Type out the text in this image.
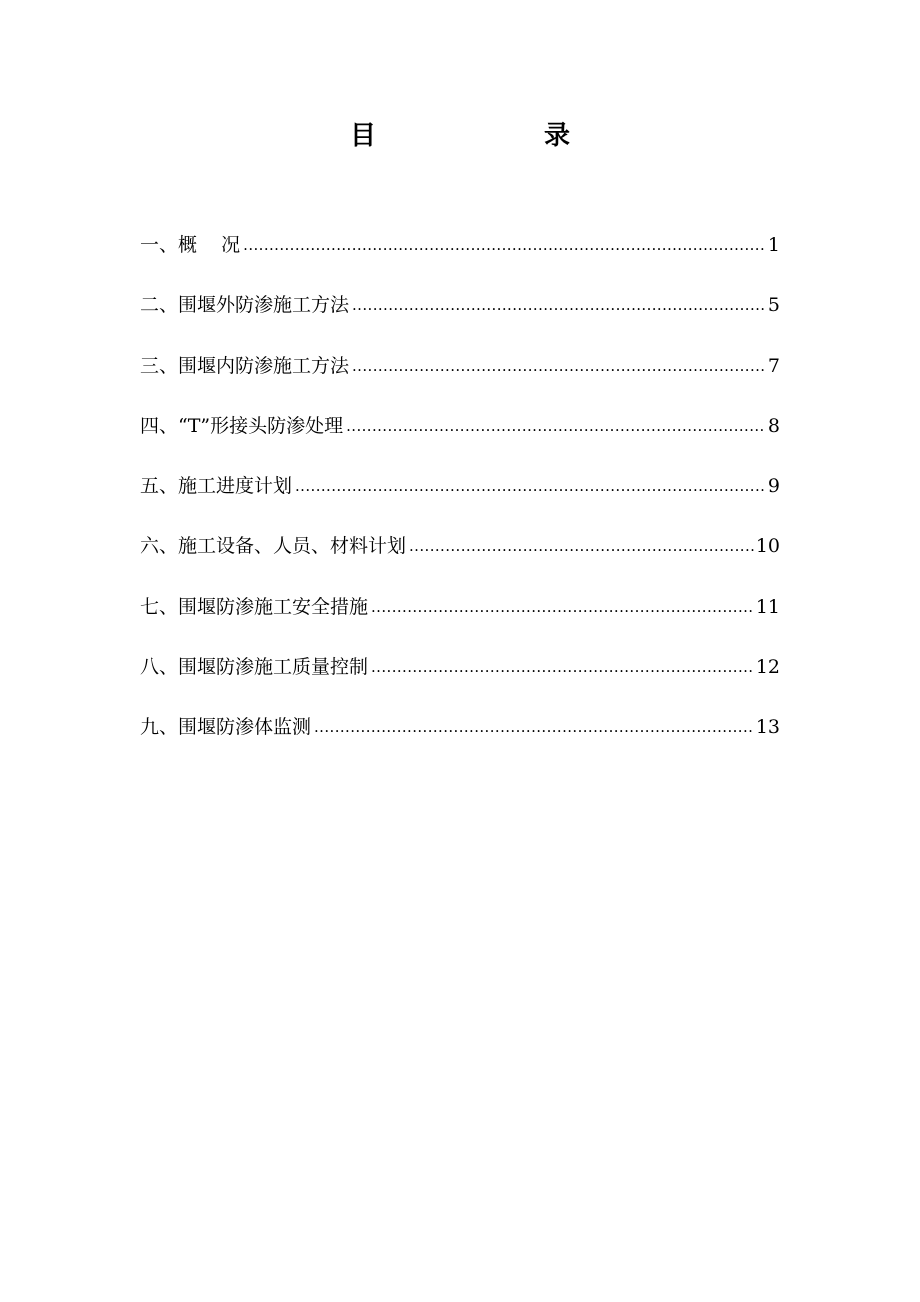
目  录
一、概    况 .....	1
二、围堰外防渗施工方法 .....	5
三、围堰内防渗施工方法 .....	7
四、“T”形接头防渗处理 .....	8
五、施工进度计划 .....	9
六、施工设备、人员、材料计划 .....	10
七、围堰防渗施工安全措施 .....	11
八、围堰防渗施工质量控制 .....	12
九、围堰防渗体监测 .....	13
